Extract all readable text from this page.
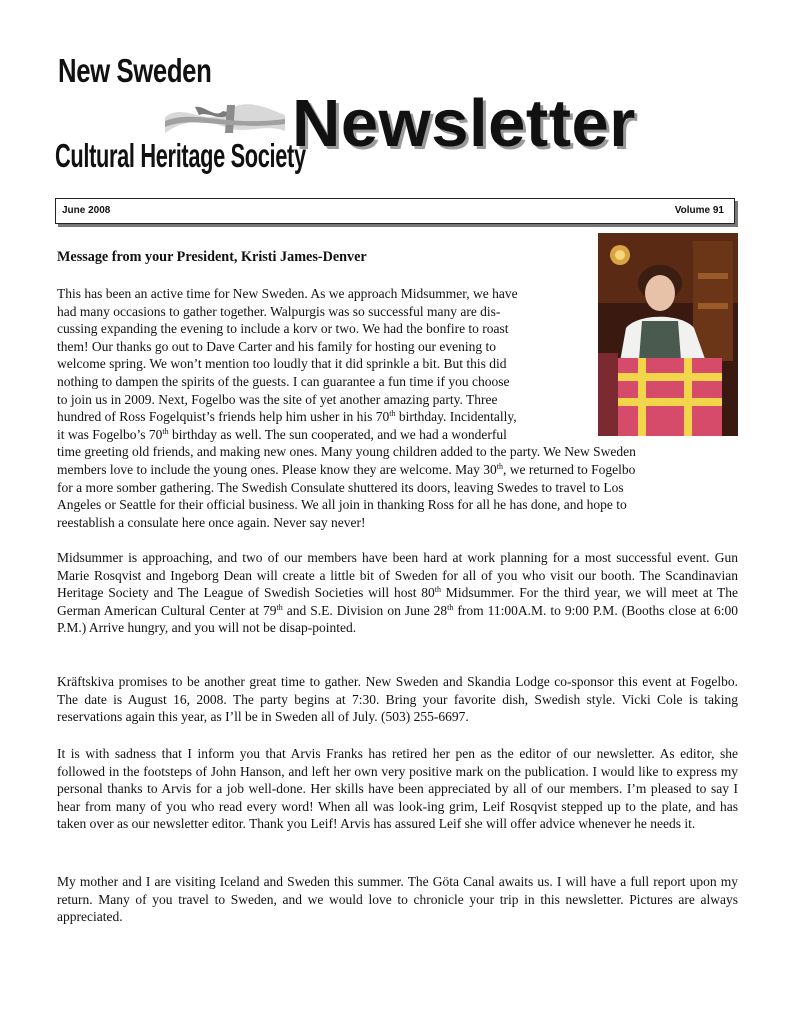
New Sweden
Cultural Heritage Society
Newsletter
June 2008	Volume 91
Message from your President, Kristi James-Denver
This has been an active time for New Sweden. As we approach Midsummer, we have
had many occasions to gather together. Walpurgis was so successful many are dis-
cussing expanding the evening to include a korv or two. We had the bonfire to roast
them! Our thanks go out to Dave Carter and his family for hosting our evening to
welcome spring. We won’t mention too loudly that it did sprinkle a bit. But this did
nothing to dampen the spirits of the guests. I can guarantee a fun time if you choose
to join us in 2009. Next, Fogelbo was the site of yet another amazing party. Three
hundred of Ross Fogelquist’s friends help him usher in his 70th birthday. Incidentally,
it was Fogelbo’s 70th birthday as well. The sun cooperated, and we had a wonderful
time greeting old friends, and making new ones. Many young children added to the party. We New Sweden
members love to include the young ones. Please know they are welcome. May 30th, we returned to Fogelbo
for a more somber gathering. The Swedish Consulate shuttered its doors, leaving Swedes to travel to Los
Angeles or Seattle for their official business. We all join in thanking Ross for all he has done, and hope to
reestablish a consulate here once again. Never say never!

Midsummer is approaching, and two of our members have been hard at work planning for a most successful event. Gun Marie Rosqvist and Ingeborg Dean will create a little bit of Sweden for all of you who visit our booth. The Scandinavian Heritage Society and The League of Swedish Societies will host 80th Midsummer. For the third year, we will meet at The German American Cultural Center at 79th and S.E. Division on June 28th from 11:00A.M. to 9:00 P.M. (Booths close at 6:00 P.M.) Arrive hungry, and you will not be disap-pointed.

Kräftskiva promises to be another great time to gather. New Sweden and Skandia Lodge co-sponsor this event at Fogelbo. The date is August 16, 2008. The party begins at 7:30. Bring your favorite dish, Swedish style. Vicki Cole is taking reservations again this year, as I’ll be in Sweden all of July. (503) 255-6697.

It is with sadness that I inform you that Arvis Franks has retired her pen as the editor of our newsletter. As editor, she followed in the footsteps of John Hanson, and left her own very positive mark on the publication. I would like to express my personal thanks to Arvis for a job well-done. Her skills have been appreciated by all of our members. I’m pleased to say I hear from many of you who read every word! When all was look-ing grim, Leif Rosqvist stepped up to the plate, and has taken over as our newsletter editor. Thank you Leif! Arvis has assured Leif she will offer advice whenever he needs it.

My mother and I are visiting Iceland and Sweden this summer. The Göta Canal awaits us. I will have a full report upon my return. Many of you travel to Sweden, and we would love to chronicle your trip in this newsletter. Pictures are always appreciated.
